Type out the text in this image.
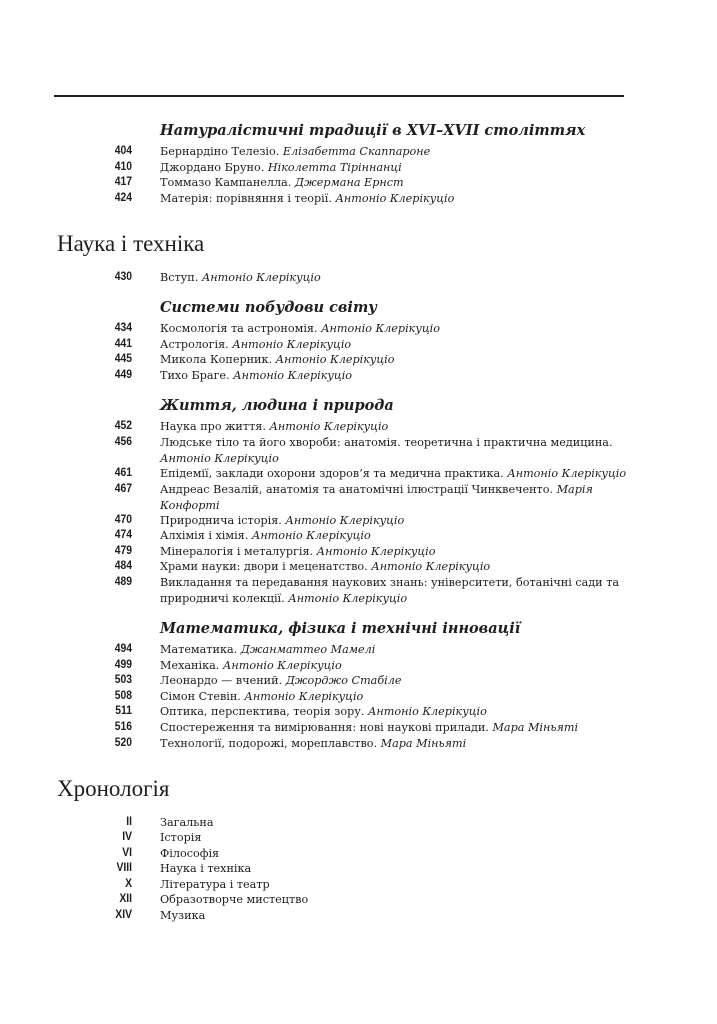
Натуралістичні традиції в XVI–XVII століттях
404	Бернардіно Телезіо. Елізабетта Скаппароне
410	Джордано Бруно. Ніколетта Тіріннанці
417	Томмазо Кампанелла. Джермана Ернст
424	Матерія: порівняння і теорії. Антоніо Клерікуціо
Наука і техніка
430	Вступ. Антоніо Клерікуціо
Системи побудови світу
434	Космологія та астрономія. Антоніо Клерікуціо
441	Астрологія. Антоніо Клерікуціо
445	Микола Коперник. Антоніо Клерікуціо
449	Тихо Браге. Антоніо Клерікуціо
Життя, людина і природа
452	Наука про життя. Антоніо Клерікуціо
456	Людське тіло та його хвороби: анатомія. теоретична і практична медицина. Антоніо Клерікуціо
461	Епідемії, заклади охорони здоров’я та медична практика. Антоніо Клерікуціо
467	Андреас Везалій, анатомія та анатомічні ілюстрації Чинквеченто. Марія Конфорті
470	Природнича історія. Антоніо Клерікуціо
474	Алхімія і хімія. Антоніо Клерікуціо
479	Мінералогія і металургія. Антоніо Клерікуціо
484	Храми науки: двори і меценатство. Антоніо Клерікуціо
489	Викладання та передавання наукових знань: університети, ботанічні сади та природничі колекції. Антоніо Клерікуціо
Математика, фізика і технічні інновації
494	Математика. Джанматтео Мамелі
499	Механіка. Антоніо Клерікуціо
503	Леонардо — вчений. Джорджо Стабіле
508	Сімон Стевін. Антоніо Клерікуціо
511	Оптика, перспектива, теорія зору. Антоніо Клерікуціо
516	Спостереження та вимірювання: нові наукові прилади. Мара Міньяті
520	Технології, подорожі, мореплавство. Мара Міньяті
Хронологія
II	Загальна
IV	Історія
VI	Філософія
VIII	Наука і техніка
X	Література і театр
XII	Образотворче мистецтво
XIV	Музика
